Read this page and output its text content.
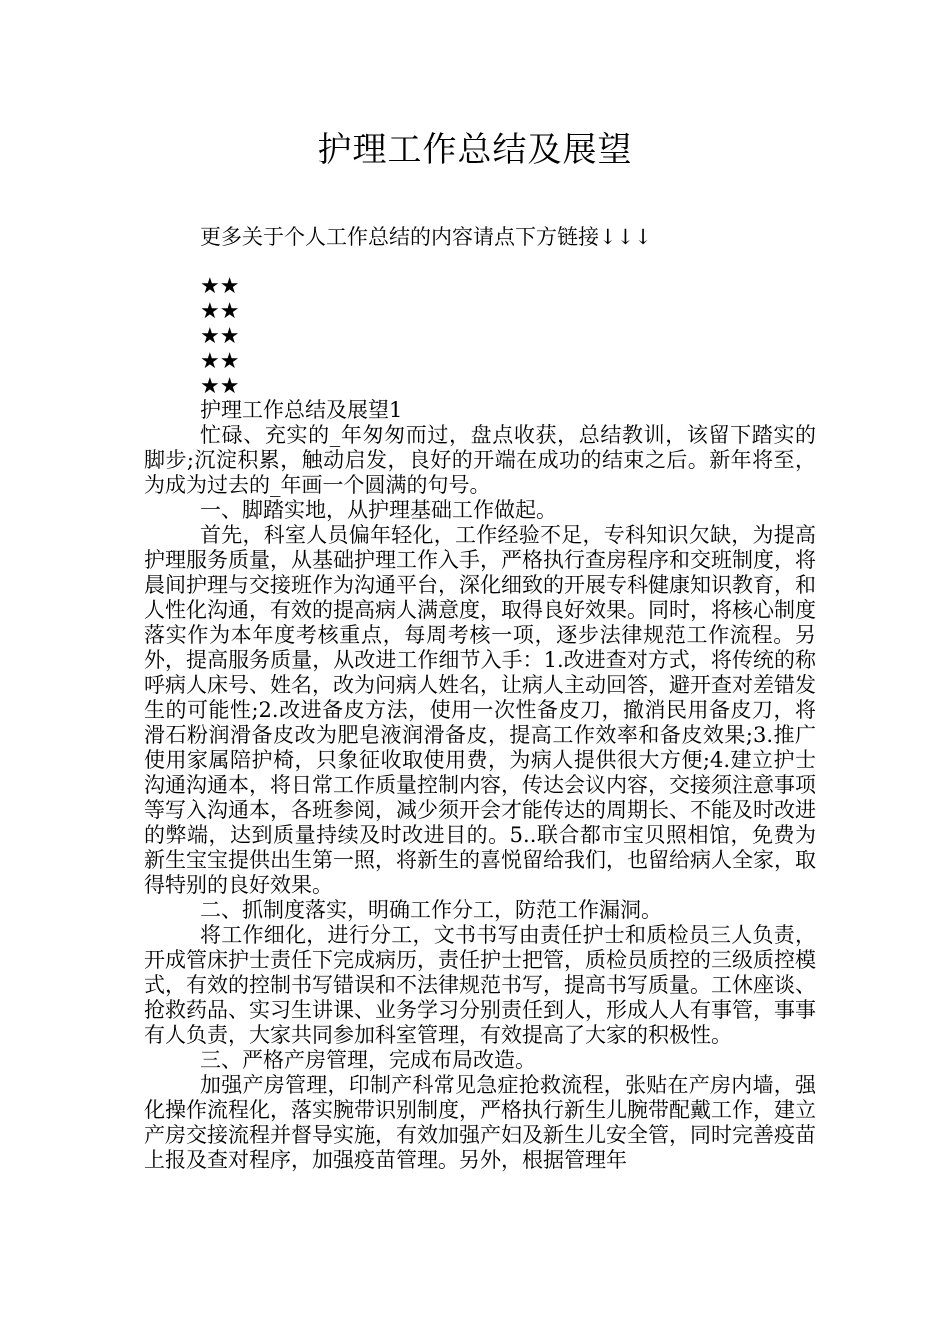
护理工作总结及展望
更多关于个人工作总结的内容请点下方链接↓↓↓
★★
★★
★★
★★
★★

护理工作总结及展望1

忙碌、充实的_年匆匆而过，盘点收获，总结教训，该留下踏实的脚步;沉淀积累，触动启发，良好的开端在成功的结束之后。新年将至，为成为过去的_年画一个圆满的句号。

一、脚踏实地，从护理基础工作做起。

首先，科室人员偏年轻化，工作经验不足，专科知识欠缺，为提高护理服务质量，从基础护理工作入手，严格执行查房程序和交班制度，将晨间护理与交接班作为沟通平台，深化细致的开展专科健康知识教育，和人性化沟通，有效的提高病人满意度，取得良好效果。同时，将核心制度落实作为本年度考核重点，每周考核一项，逐步法律规范工作流程。另外，提高服务质量，从改进工作细节入手：1.改进查对方式，将传统的称呼病人床号、姓名，改为问病人姓名，让病人主动回答，避开查对差错发生的可能性;2.改进备皮方法，使用一次性备皮刀，撤消民用备皮刀，将滑石粉润滑备皮改为肥皂液润滑备皮，提高工作效率和备皮效果;3.推广使用家属陪护椅，只象征收取使用费，为病人提供很大方便;4.建立护士沟通沟通本，将日常工作质量控制内容，传达会议内容，交接须注意事项等写入沟通本，各班参阅，减少须开会才能传达的周期长、不能及时改进的弊端，达到质量持续及时改进目的。5..联合都市宝贝照相馆，免费为新生宝宝提供出生第一照，将新生的喜悦留给我们，也留给病人全家，取得特别的良好效果。

二、抓制度落实，明确工作分工，防范工作漏洞。

将工作细化，进行分工，文书书写由责任护士和质检员三人负责，开成管床护士责任下完成病历，责任护士把管，质检员质控的三级质控模式，有效的控制书写错误和不法律规范书写，提高书写质量。工休座谈、抢救药品、实习生讲课、业务学习分别责任到人，形成人人有事管，事事有人负责，大家共同参加科室管理，有效提高了大家的积极性。

三、严格产房管理，完成布局改造。

加强产房管理，印制产科常见急症抢救流程，张贴在产房内墙，强化操作流程化，落实腕带识别制度，严格执行新生儿腕带配戴工作，建立产房交接流程并督导实施，有效加强产妇及新生儿安全管，同时完善疫苗上报及查对程序，加强疫苗管理。另外，根据管理年
